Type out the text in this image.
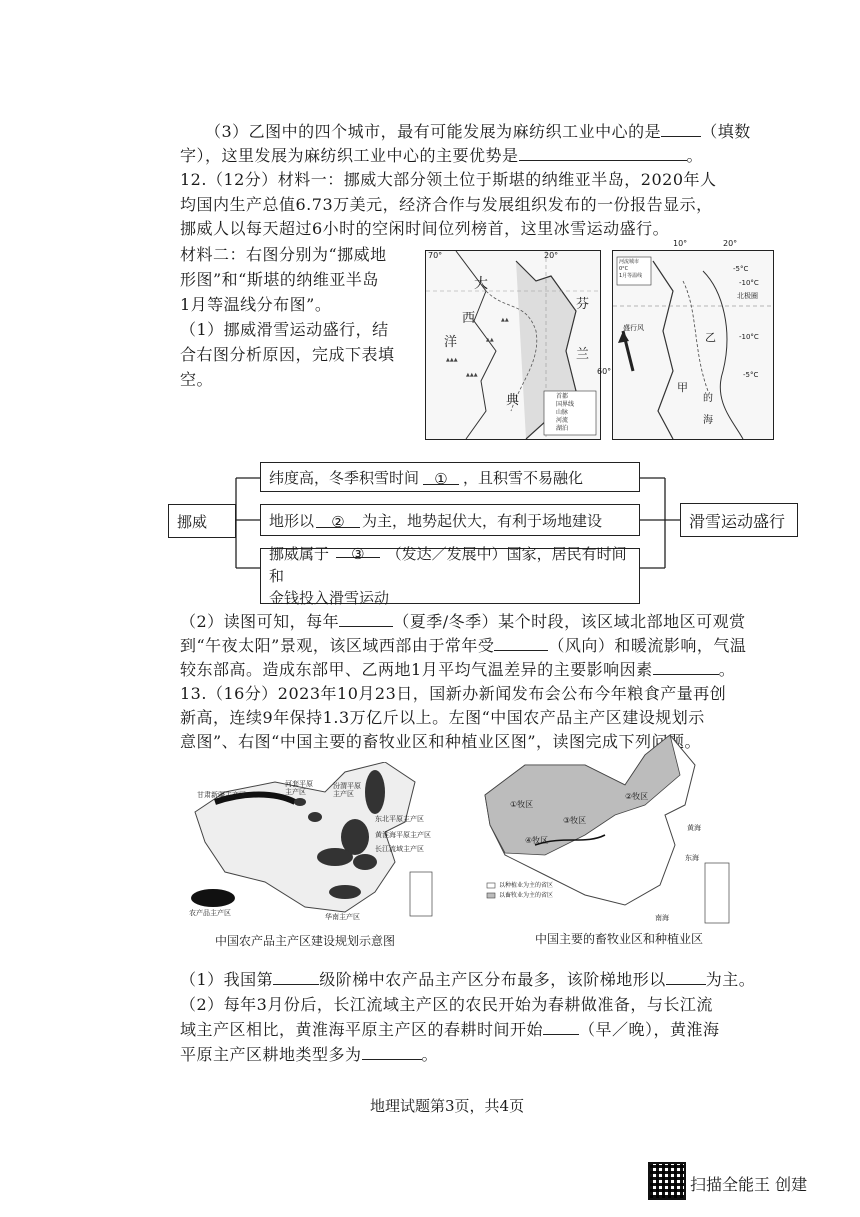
（3）乙图中的四个城市，最有可能发展为麻纺织工业中心的是	（填数
字），这里发展为麻纺织工业中心的主要优势是	。
12.（12分）材料一：挪威大部分领土位于斯堪的纳维亚半岛，2020年人
均国内生产总值6.73万美元，经济合作与发展组织发布的一份报告显示，
挪威人以每天超过6小时的空闲时间位列榜首，这里冰雪运动盛行。
材料二：右图分别为“挪威地
形图”和“斯堪的纳维亚半岛
1月等温线分布图”。
（1）挪威滑雪运动盛行，结
合右图分析原因，完成下表填
空。
▲▲▲
▲▲▲
▲▲
▲▲
70°	20°
大
西
洋
芬
兰
典	首都
国界线
山脉
河流
湖泊
10°	20°
60°
河流城市
0°C
1月等温线
-5°C
-10°C
北极圈
-10°C
-5°C
盛行风
乙
甲
的
海
挪威
纬度高，冬季积雪时间	①	，且积雪不易融化
地形以	②	为主，地势起伏大，有利于场地建设
挪威属于 ③ （发达／发展中）国家，居民有时间和
金钱投入滑雪运动
滑雪运动盛行
（2）读图可知，每年	（夏季/冬季）某个时段，该区域北部地区可观赏
到“午夜太阳”景观，该区域西部由于常年受	（风向）和暖流影响，气温
较东部高。造成东部甲、乙两地1月平均气温差异的主要影响因素	。
13.（16分）2023年10月23日，国新办新闻发布会公布今年粮食产量再创
新高，连续9年保持1.3万亿斤以上。左图“中国农产品主产区建设规划示
意图”、右图“中国主要的畜牧业区和种植业区图”，读图完成下列问题。
甘肃新疆主产区
河套平原主产区
汾渭平原主产区
东北平原主产区
黄淮海平原主产区
长江流域主产区
华南主产区
农产品主产区
中国农产品主产区建设规划示意图
①牧区
②牧区
③牧区
④牧区
黄海
东海
南海
以种植业为主的省区
以畜牧业为主的省区
中国主要的畜牧业区和种植业区
（1）我国第	级阶梯中农产品主产区分布最多，该阶梯地形以	为主。
（2）每年3月份后，长江流域主产区的农民开始为春耕做准备，与长江流
域主产区相比，黄淮海平原主产区的春耕时间开始 （早／晚），黄淮海
平原主产区耕地类型多为	。
地理试题第3页，共4页
扫描全能王 创建
